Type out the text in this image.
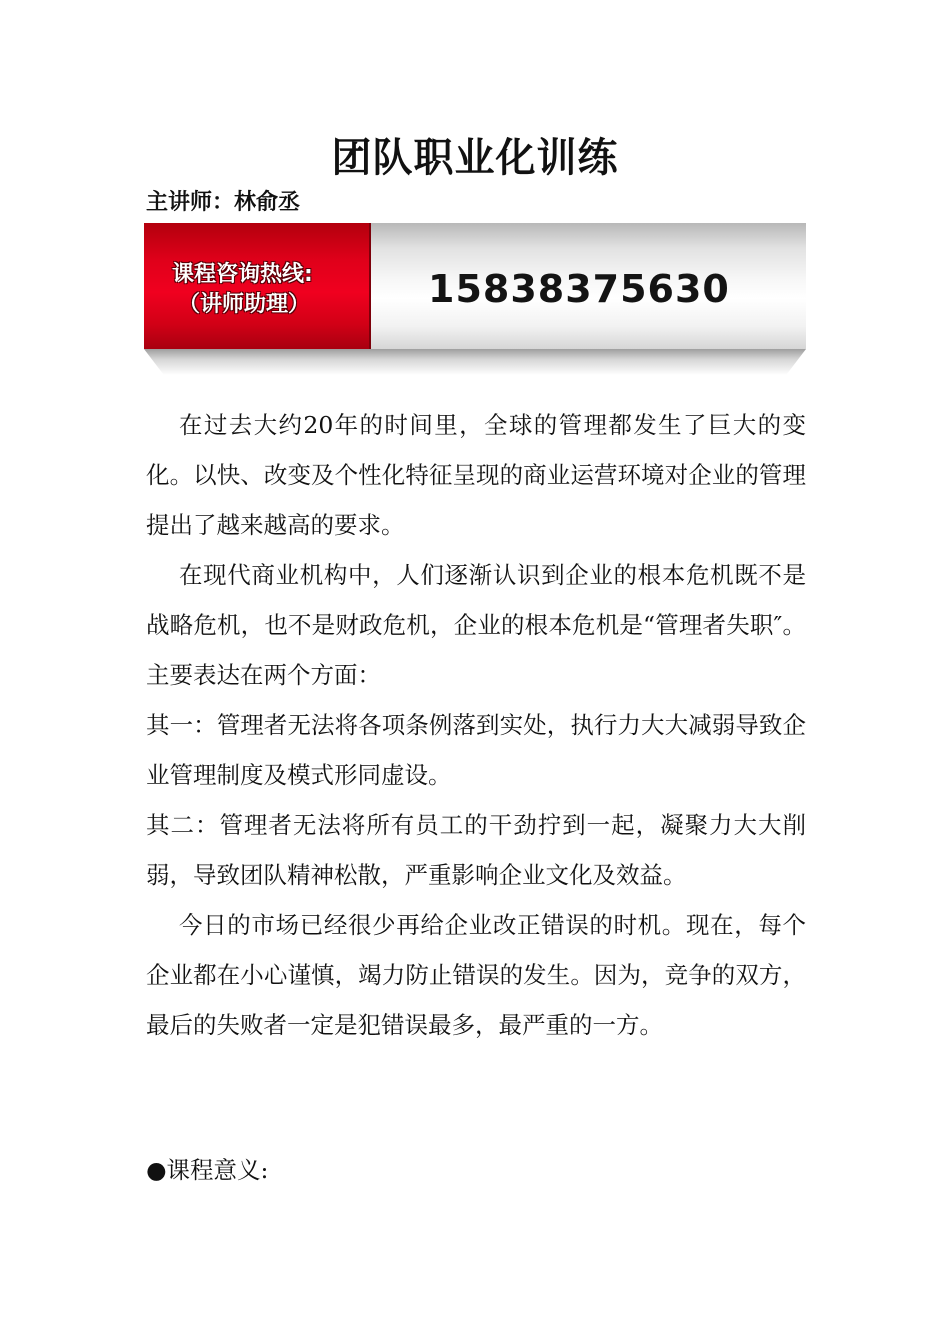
团队职业化训练
主讲师：林俞丞
课程咨询热线:
（讲师助理）	15838375630

在过去大约20年的时间里，全球的管理都发生了巨大的变化。以快、改变及个性化特征呈现的商业运营环境对企业的管理提出了越来越高的要求。

在现代商业机构中，人们逐渐认识到企业的根本危机既不是战略危机，也不是财政危机，企业的根本危机是“管理者失职″。主要表达在两个方面：

其一：管理者无法将各项条例落到实处，执行力大大减弱导致企业管理制度及模式形同虚设。

其二：管理者无法将所有员工的干劲拧到一起，凝聚力大大削弱，导致团队精神松散，严重影响企业文化及效益。

今日的市场已经很少再给企业改正错误的时机。现在，每个企业都在小心谨慎，竭力防止错误的发生。因为，竞争的双方，最后的失败者一定是犯错误最多，最严重的一方。

●课程意义:
